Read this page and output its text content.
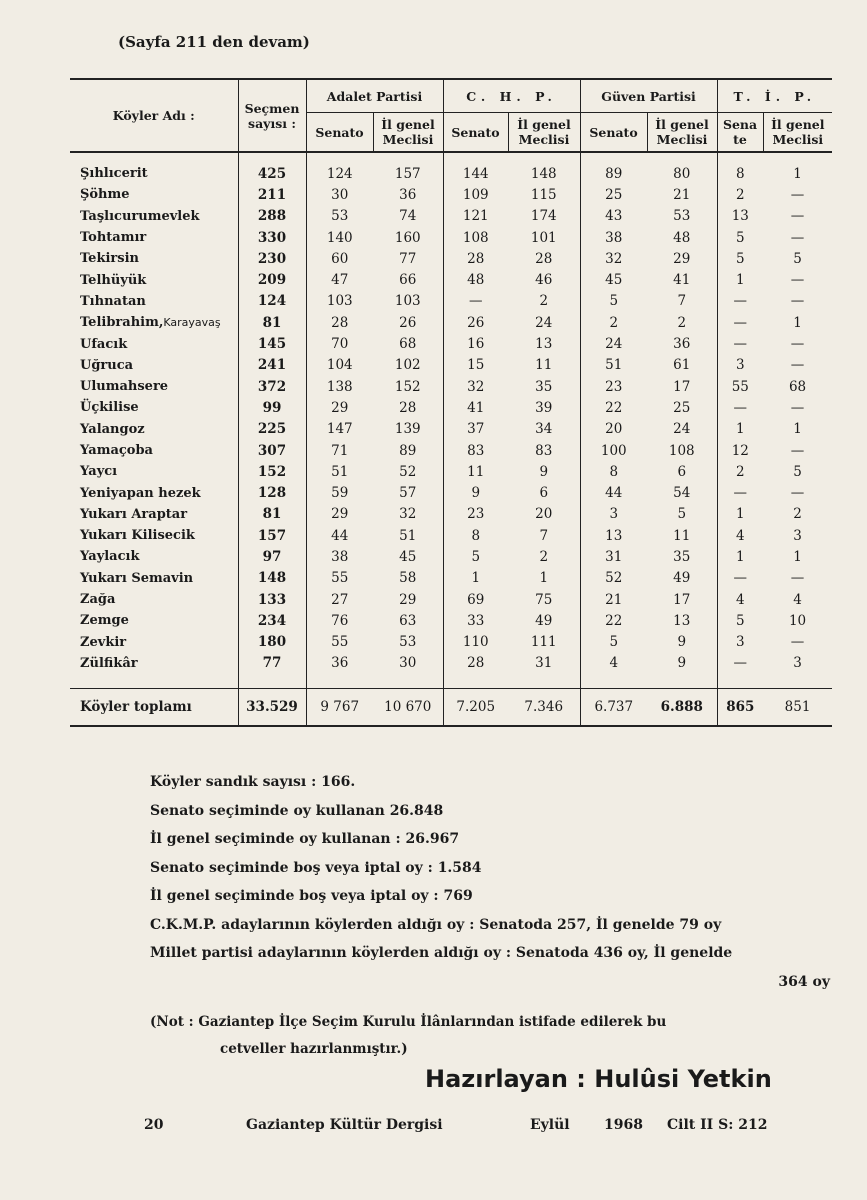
(Sayfa 211 den devam)
Köyler Adı :	Seçmen sayısı :	Adalet Partisi		C. H. P.		Güven Partisi		T. İ. P.	
		Senato	İl genel Meclisi	Senato	İl genel Meclisi	Senato	İl genel Meclisi	Sena te	İl genel Meclisi
Şıhlıcerit	425	124	157	144	148	89	80	8	1
Şöhme	211	30	36	109	115	25	21	2	—
Taşlıcurumevlek	288	53	74	121	174	43	53	13	—
Tohtamır	330	140	160	108	101	38	48	5	—
Tekirsin	230	60	77	28	28	32	29	5	5
Telhüyük	209	47	66	48	46	45	41	1	—
Tıhnatan	124	103	103	—	2	5	7	—	—
Telibrahim,Karayavaş	81	28	26	26	24	2	2	—	1
Ufacık	145	70	68	16	13	24	36	—	—
Uğruca	241	104	102	15	11	51	61	3	—
Ulumahsere	372	138	152	32	35	23	17	55	68
Üçkilise	99	29	28	41	39	22	25	—	—
Yalangoz	225	147	139	37	34	20	24	1	1
Yamaçoba	307	71	89	83	83	100	108	12	—
Yaycı	152	51	52	11	9	8	6	2	5
Yeniyapan hezek	128	59	57	9	6	44	54	—	—
Yukarı Araptar	81	29	32	23	20	3	5	1	2
Yukarı Kilisecik	157	44	51	8	7	13	11	4	3
Yaylacık	97	38	45	5	2	31	35	1	1
Yukarı Semavin	148	55	58	1	1	52	49	—	—
Zağa	133	27	29	69	75	21	17	4	4
Zemge	234	76	63	33	49	22	13	5	10
Zevkir	180	55	53	110	111	5	9	3	—
Zülfikâr	77	36	30	28	31	4	9	—	3
Köyler toplamı	33.529	9 767	10 670	7.205	7.346	6.737	6.888	865	851
Köyler sandık sayısı : 166.
Senato seçiminde oy kullanan 26.848
İl genel seçiminde oy kullanan : 26.967
Senato seçiminde boş veya iptal oy : 1.584
İl genel seçiminde boş veya iptal oy : 769
C.K.M.P. adaylarının köylerden aldığı oy : Senatoda 257, İl genelde 79 oy
Millet partisi adaylarının köylerden aldığı oy : Senatoda 436 oy, İl genelde
364 oy
(Not : Gaziantep İlçe Seçim Kurulu İlânlarından istifade edilerek bu
cetveller hazırlanmıştır.)
Hazırlayan : Hulûsi Yetkin
20	Gaziantep Kültür Dergisi	Eylül 1968 Cilt II S: 212
